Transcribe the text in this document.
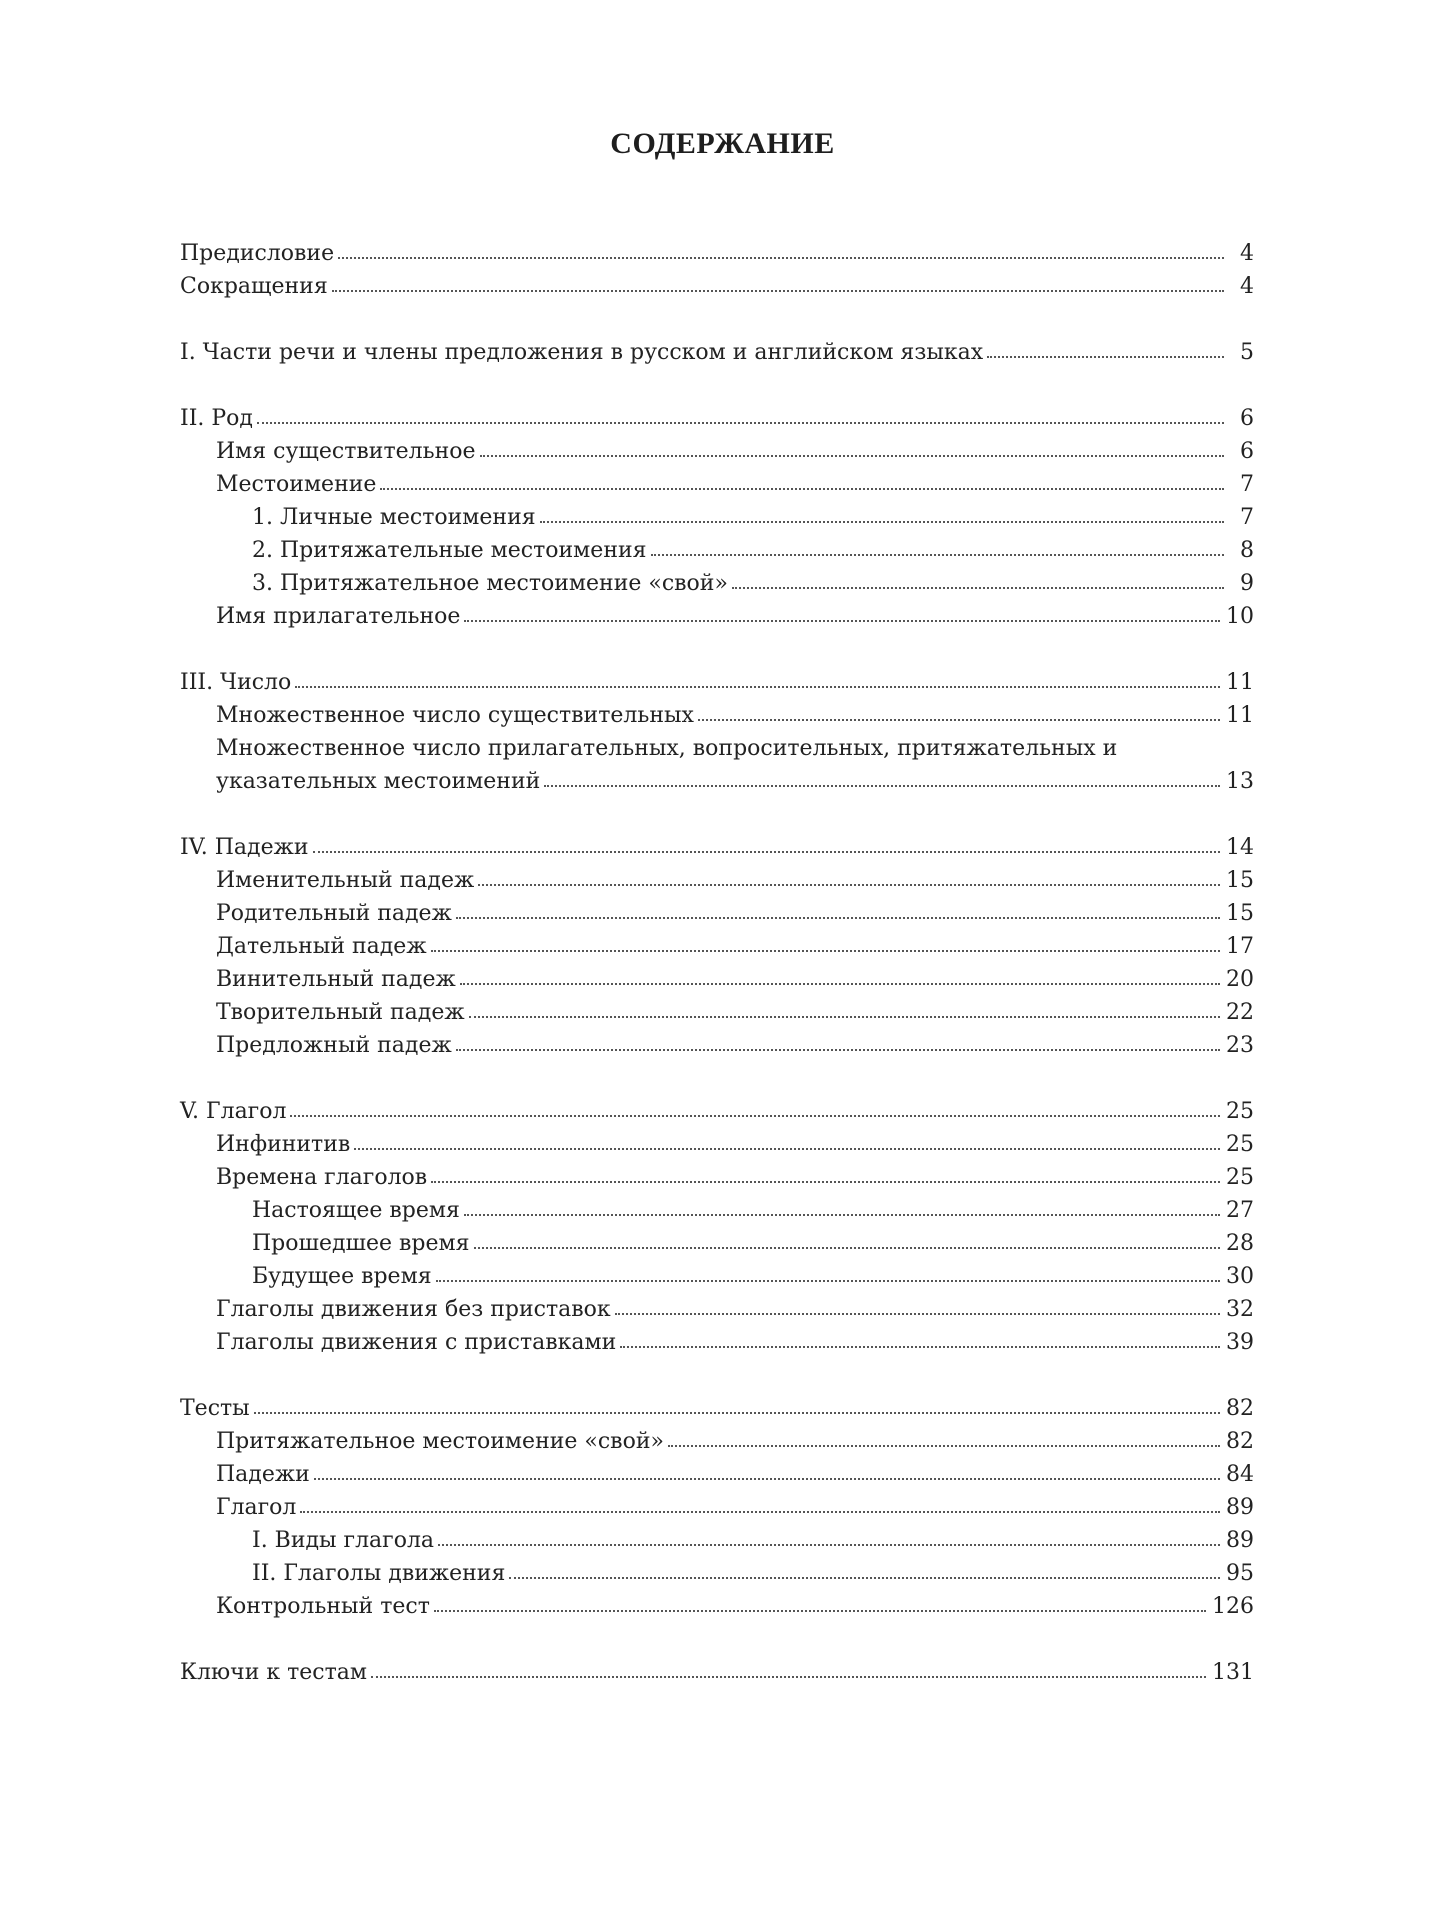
СОДЕРЖАНИЕ
Предисловие	4
Сокращения	4
I. Части речи и члены предложения в русском и английском языках	5
II. Род	6
Имя существительное	6
Местоимение	7
1. Личные местоимения	7
2. Притяжательные местоимения	8
3. Притяжательное местоимение «свой»	9
Имя прилагательное	10
III. Число	11
Множественное число существительных	11
Множественное число прилагательных, вопросительных, притяжательных и
указательных местоимений	13
IV. Падежи	14
Именительный падеж	15
Родительный падеж	15
Дательный падеж	17
Винительный падеж	20
Творительный падеж	22
Предложный падеж	23
V. Глагол	25
Инфинитив	25
Времена глаголов	25
Настоящее время	27
Прошедшее время	28
Будущее время	30
Глаголы движения без приставок	32
Глаголы движения с приставками	39
Тесты	82
Притяжательное местоимение «свой»	82
Падежи	84
Глагол	89
I. Виды глагола	89
II. Глаголы движения	95
Контрольный тест	126
Ключи к тестам	131
